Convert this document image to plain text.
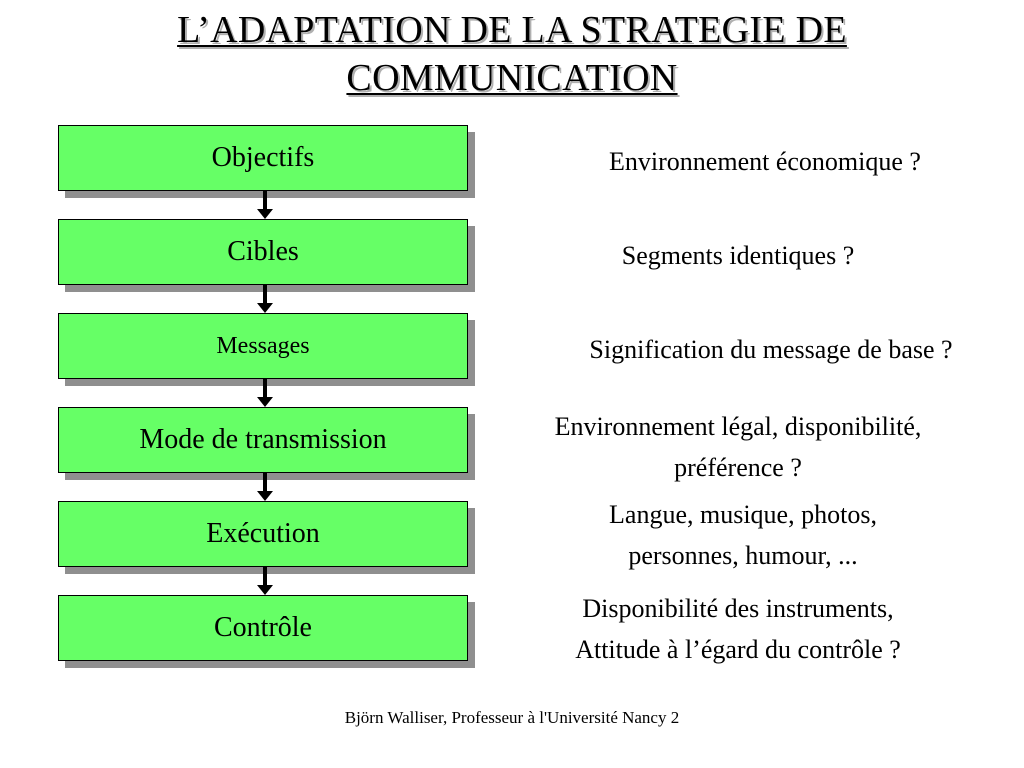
L’ADAPTATION DE LA STRATEGIE DE
COMMUNICATION
Objectifs
Cibles
Messages
Mode de transmission
Exécution
Contrôle
Environnement économique ?
Segments identiques ?
Signification du message de base ?
Environnement légal, disponibilité,
préférence ?
Langue, musique, photos,
personnes, humour, ...
Disponibilité des instruments,
Attitude à l’égard du contrôle ?
Björn Walliser, Professeur à l'Université Nancy 2
